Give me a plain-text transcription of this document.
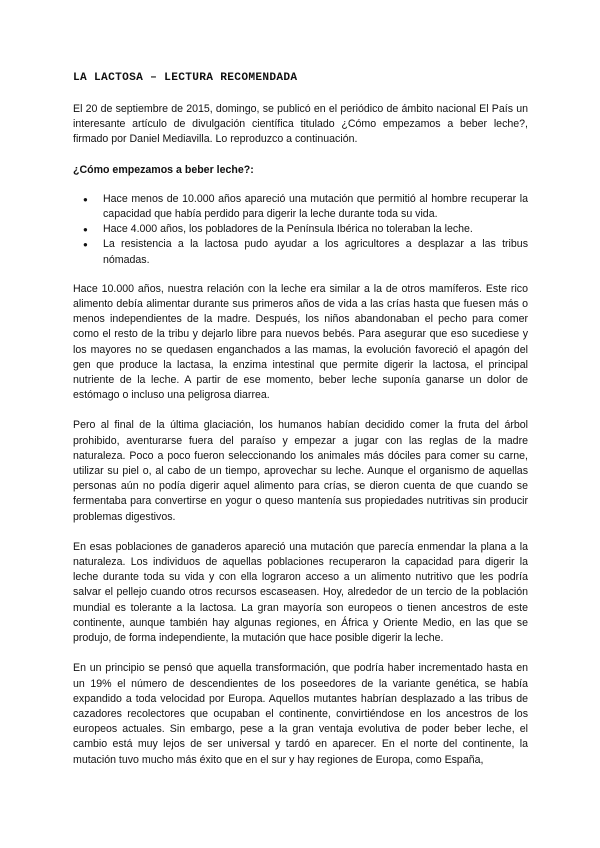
LA LACTOSA – LECTURA RECOMENDADA

El 20 de septiembre de 2015, domingo, se publicó en el periódico de ámbito nacional El País un interesante artículo de divulgación científica titulado ¿Cómo empezamos a beber leche?, firmado por Daniel Mediavilla. Lo reproduzco a continuación.

¿Cómo empezamos a beber leche?:

● Hace menos de 10.000 años apareció una mutación que permitió al hombre recuperar la capacidad que había perdido para digerir la leche durante toda su vida.
● Hace 4.000 años, los pobladores de la Península Ibérica no toleraban la leche.
● La resistencia a la lactosa pudo ayudar a los agricultores a desplazar a las tribus nómadas.

Hace 10.000 años, nuestra relación con la leche era similar a la de otros mamíferos. Este rico alimento debía alimentar durante sus primeros años de vida a las crías hasta que fuesen más o menos independientes de la madre. Después, los niños abandonaban el pecho para comer como el resto de la tribu y dejarlo libre para nuevos bebés. Para asegurar que eso sucediese y los mayores no se quedasen enganchados a las mamas, la evolución favoreció el apagón del gen que produce la lactasa, la enzima intestinal que permite digerir la lactosa, el principal nutriente de la leche. A partir de ese momento, beber leche suponía ganarse un dolor de estómago o incluso una peligrosa diarrea.

Pero al final de la última glaciación, los humanos habían decidido comer la fruta del árbol prohibido, aventurarse fuera del paraíso y empezar a jugar con las reglas de la madre naturaleza. Poco a poco fueron seleccionando los animales más dóciles para comer su carne, utilizar su piel o, al cabo de un tiempo, aprovechar su leche. Aunque el organismo de aquellas personas aún no podía digerir aquel alimento para crías, se dieron cuenta de que cuando se fermentaba para convertirse en yogur o queso mantenía sus propiedades nutritivas sin producir problemas digestivos.

En esas poblaciones de ganaderos apareció una mutación que parecía enmendar la plana a la naturaleza. Los individuos de aquellas poblaciones recuperaron la capacidad para digerir la leche durante toda su vida y con ella lograron acceso a un alimento nutritivo que les podría salvar el pellejo cuando otros recursos escaseasen. Hoy, alrededor de un tercio de la población mundial es tolerante a la lactosa. La gran mayoría son europeos o tienen ancestros de este continente, aunque también hay algunas regiones, en África y Oriente Medio, en las que se produjo, de forma independiente, la mutación que hace posible digerir la leche.

En un principio se pensó que aquella transformación, que podría haber incrementado hasta en un 19% el número de descendientes de los poseedores de la variante genética, se había expandido a toda velocidad por Europa. Aquellos mutantes habrían desplazado a las tribus de cazadores recolectores que ocupaban el continente, convirtiéndose en los ancestros de los europeos actuales. Sin embargo, pese a la gran ventaja evolutiva de poder beber leche, el cambio está muy lejos de ser universal y tardó en aparecer. En el norte del continente, la mutación tuvo mucho más éxito que en el sur y hay regiones de Europa, como España,
